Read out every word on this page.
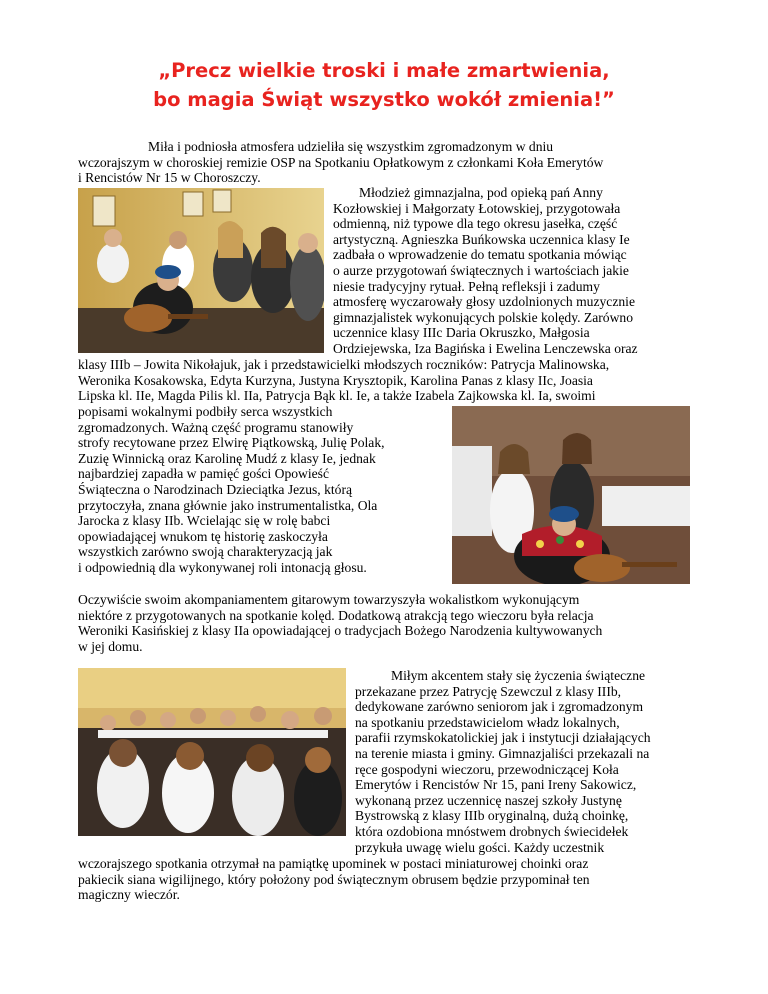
„Precz wielkie troski i małe zmartwienia,
bo magia Świąt wszystko wokół zmienia!”
Miła i podniosła atmosfera udzieliła się wszystkim zgromadzonym w dniu
wczorajszym w choroskiej remizie OSP na Spotkaniu Opłatkowym z członkami Koła Emerytów
i Rencistów Nr 15 w Choroszczy.
Młodzież gimnazjalna, pod opieką pań Anny
Kozłowskiej i Małgorzaty Łotowskiej, przygotowała
odmienną, niż typowe dla tego okresu jasełka, część
artystyczną. Agnieszka Buńkowska uczennica klasy Ie
zadbała o wprowadzenie do tematu spotkania mówiąc
o aurze przygotowań świątecznych i wartościach jakie
niesie tradycyjny rytuał. Pełną refleksji i zadumy
atmosferę wyczarowały głosy uzdolnionych muzycznie
gimnazjalistek wykonujących polskie kolędy. Zarówno
uczennice klasy IIIc Daria Okruszko, Małgosia
Ordziejewska, Iza Bagińska i Ewelina Lenczewska oraz
klasy IIIb – Jowita Nikołajuk, jak i przedstawicielki młodszych roczników: Patrycja Malinowska,
Weronika Kosakowska, Edyta Kurzyna, Justyna Krysztopik, Karolina Panas z klasy IIc, Joasia
Lipska kl. IIe, Magda Pilis kl. IIa, Patrycja Bąk kl. Ie, a także Izabela Zajkowska kl. Ia, swoimi
popisami wokalnymi podbiły serca wszystkich
zgromadzonych. Ważną część programu stanowiły
strofy recytowane przez Elwirę Piątkowską, Julię Polak,
Zuzię Winnicką oraz Karolinę Mudź z klasy Ie, jednak
najbardziej zapadła w pamięć gości Opowieść
Świąteczna o Narodzinach Dzieciątka Jezus, którą
przytoczyła, znana głównie jako instrumentalistka, Ola
Jarocka z klasy IIb. Wcielając się w rolę babci
opowiadającej wnukom tę historię zaskoczyła
wszystkich zarówno swoją charakteryzacją jak
i odpowiednią dla wykonywanej roli intonacją głosu.
Oczywiście swoim akompaniamentem gitarowym towarzyszyła wokalistkom wykonującym
niektóre z przygotowanych na spotkanie kolęd. Dodatkową atrakcją tego wieczoru była relacja
Weroniki Kasińskiej z klasy IIa opowiadającej o tradycjach Bożego Narodzenia kultywowanych
w jej domu.
Miłym akcentem stały się życzenia świąteczne
przekazane przez Patrycję Szewczul z klasy IIIb,
dedykowane zarówno seniorom jak i zgromadzonym
na spotkaniu przedstawicielom władz lokalnych,
parafii rzymskokatolickiej jak i instytucji działających
na terenie miasta i gminy. Gimnazjaliści przekazali na
ręce gospodyni wieczoru, przewodniczącej Koła
Emerytów i Rencistów Nr 15, pani Ireny Sakowicz,
wykonaną przez uczennicę naszej szkoły Justynę
Bystrowską z klasy IIIb oryginalną, dużą choinkę,
która ozdobiona mnóstwem drobnych świecidełek
przykuła uwagę wielu gości. Każdy uczestnik
wczorajszego spotkania otrzymał na pamiątkę upominek w postaci miniaturowej choinki oraz
pakiecik siana wigilijnego, który położony pod świątecznym obrusem będzie przypominał ten
magiczny wieczór.
